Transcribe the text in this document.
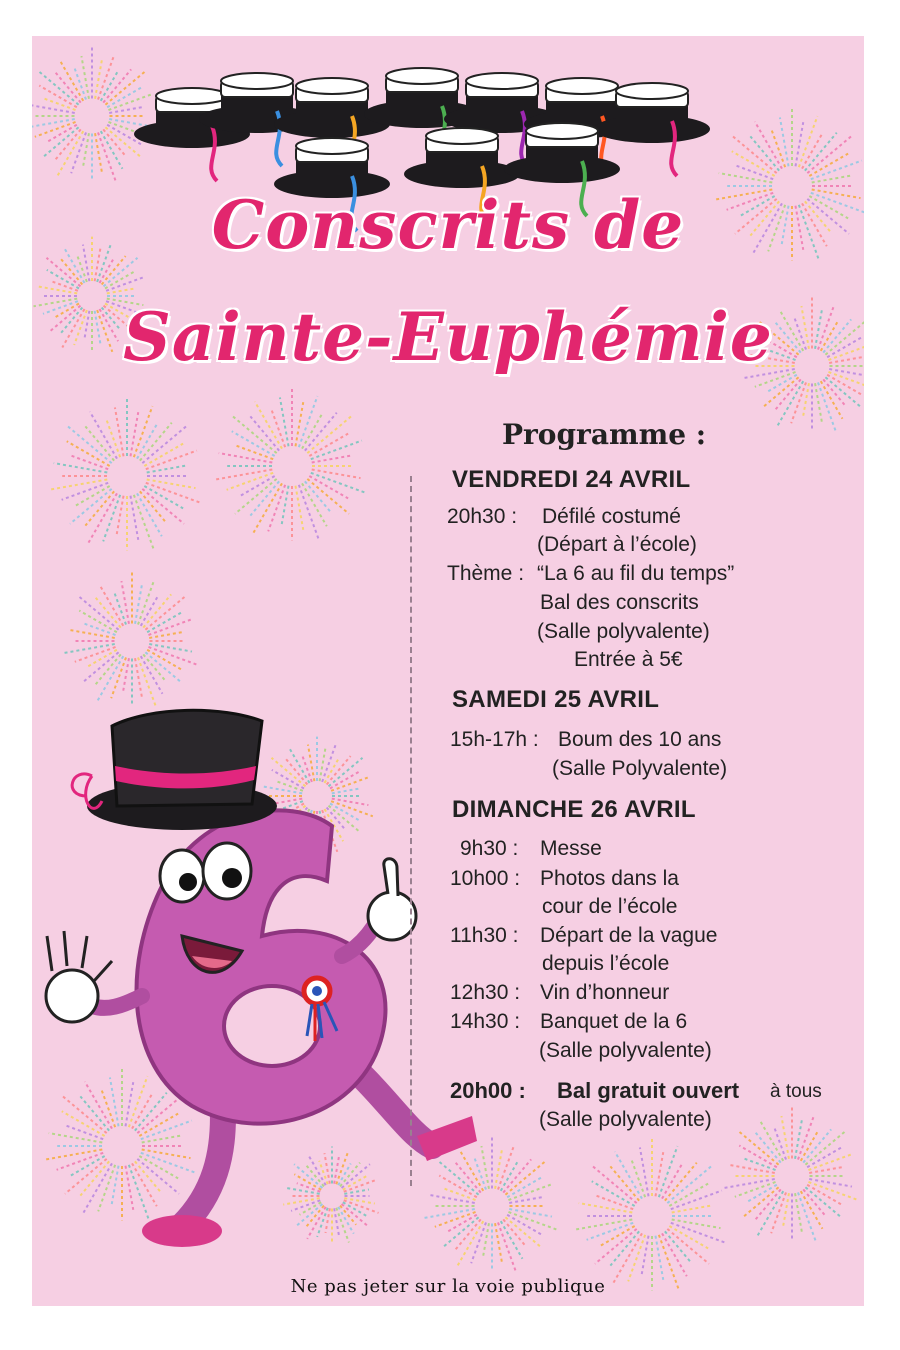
Conscrits de
Sainte-Euphémie
Programme :
VENDREDI 24 AVRIL
20h30 : Défilé costumé
(Départ à l’école)
Thème : “La 6 au fil du temps”
Bal des conscrits
(Salle polyvalente)
Entrée à 5€
SAMEDI 25 AVRIL
15h-17h : Boum des 10 ans
(Salle Polyvalente)
DIMANCHE 26 AVRIL
9h30 : Messe
10h00 : Photos dans la
cour de l’école
11h30 : Départ de la vague
depuis l’école
12h30 : Vin d’honneur
14h30 : Banquet de la 6
(Salle polyvalente)
20h00 : Bal gratuit ouvert à tous
(Salle polyvalente)
Ne pas jeter sur la voie publique
